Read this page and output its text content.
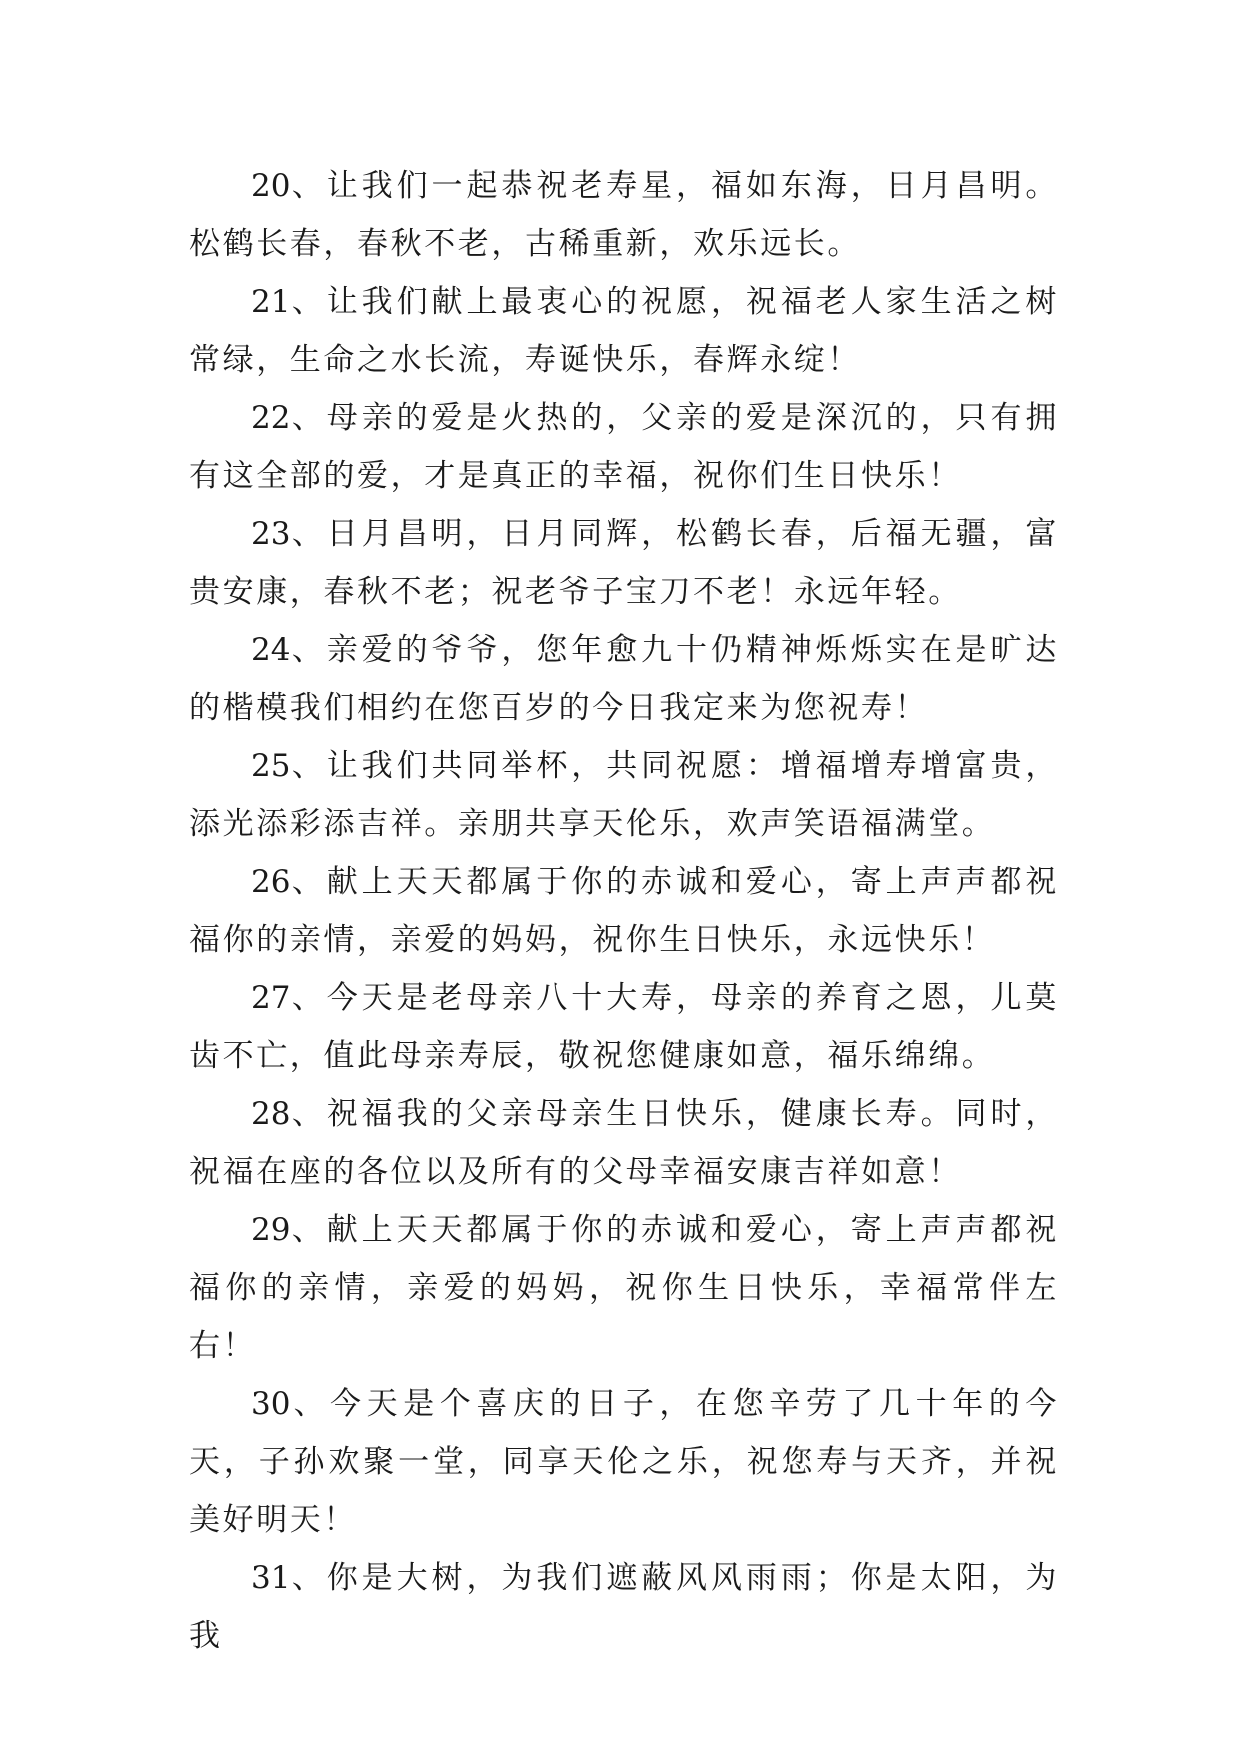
20、让我们一起恭祝老寿星，福如东海，日月昌明。松鹤长春，春秋不老，古稀重新，欢乐远长。

21、让我们献上最衷心的祝愿，祝福老人家生活之树常绿，生命之水长流，寿诞快乐，春辉永绽！

22、母亲的爱是火热的，父亲的爱是深沉的，只有拥有这全部的爱，才是真正的幸福，祝你们生日快乐！

23、日月昌明，日月同辉，松鹤长春，后福无疆，富贵安康，春秋不老；祝老爷子宝刀不老！永远年轻。

24、亲爱的爷爷，您年愈九十仍精神烁烁实在是旷达的楷模我们相约在您百岁的今日我定来为您祝寿！

25、让我们共同举杯，共同祝愿：增福增寿增富贵，添光添彩添吉祥。亲朋共享天伦乐，欢声笑语福满堂。

26、献上天天都属于你的赤诚和爱心，寄上声声都祝福你的亲情，亲爱的妈妈，祝你生日快乐，永远快乐！

27、今天是老母亲八十大寿，母亲的养育之恩，儿莫齿不亡，值此母亲寿辰，敬祝您健康如意，福乐绵绵。

28、祝福我的父亲母亲生日快乐，健康长寿。同时，祝福在座的各位以及所有的父母幸福安康吉祥如意！

29、献上天天都属于你的赤诚和爱心，寄上声声都祝福你的亲情，亲爱的妈妈，祝你生日快乐，幸福常伴左右！

30、今天是个喜庆的日子，在您辛劳了几十年的今天，子孙欢聚一堂，同享天伦之乐，祝您寿与天齐，并祝美好明天！

31、你是大树，为我们遮蔽风风雨雨；你是太阳，为我
